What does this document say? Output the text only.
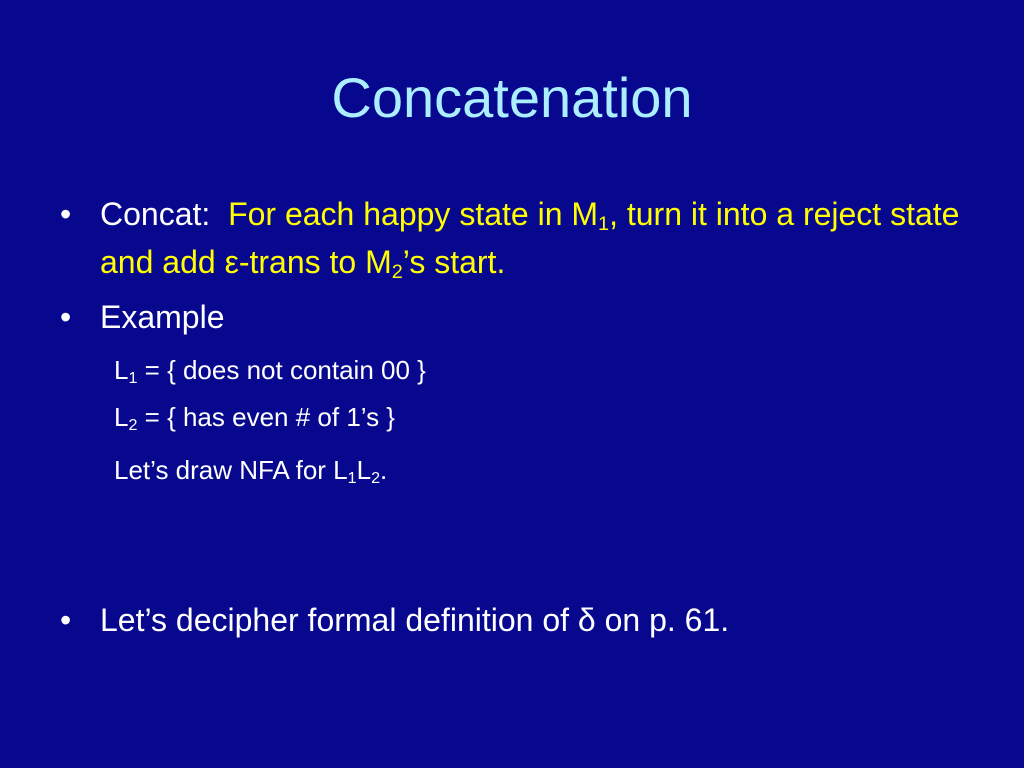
Concatenation
• Concat: For each happy state in $M_1$, turn it into a reject state and add ε-trans to $M_2’s$ start.
• Example
$L_1$ = { does not contain 00 }
$L_2$ = { has even # of 1’s }
Let’s draw NFA for $L_1L_2$.
• Let’s decipher formal definition of δ on p. 61.
